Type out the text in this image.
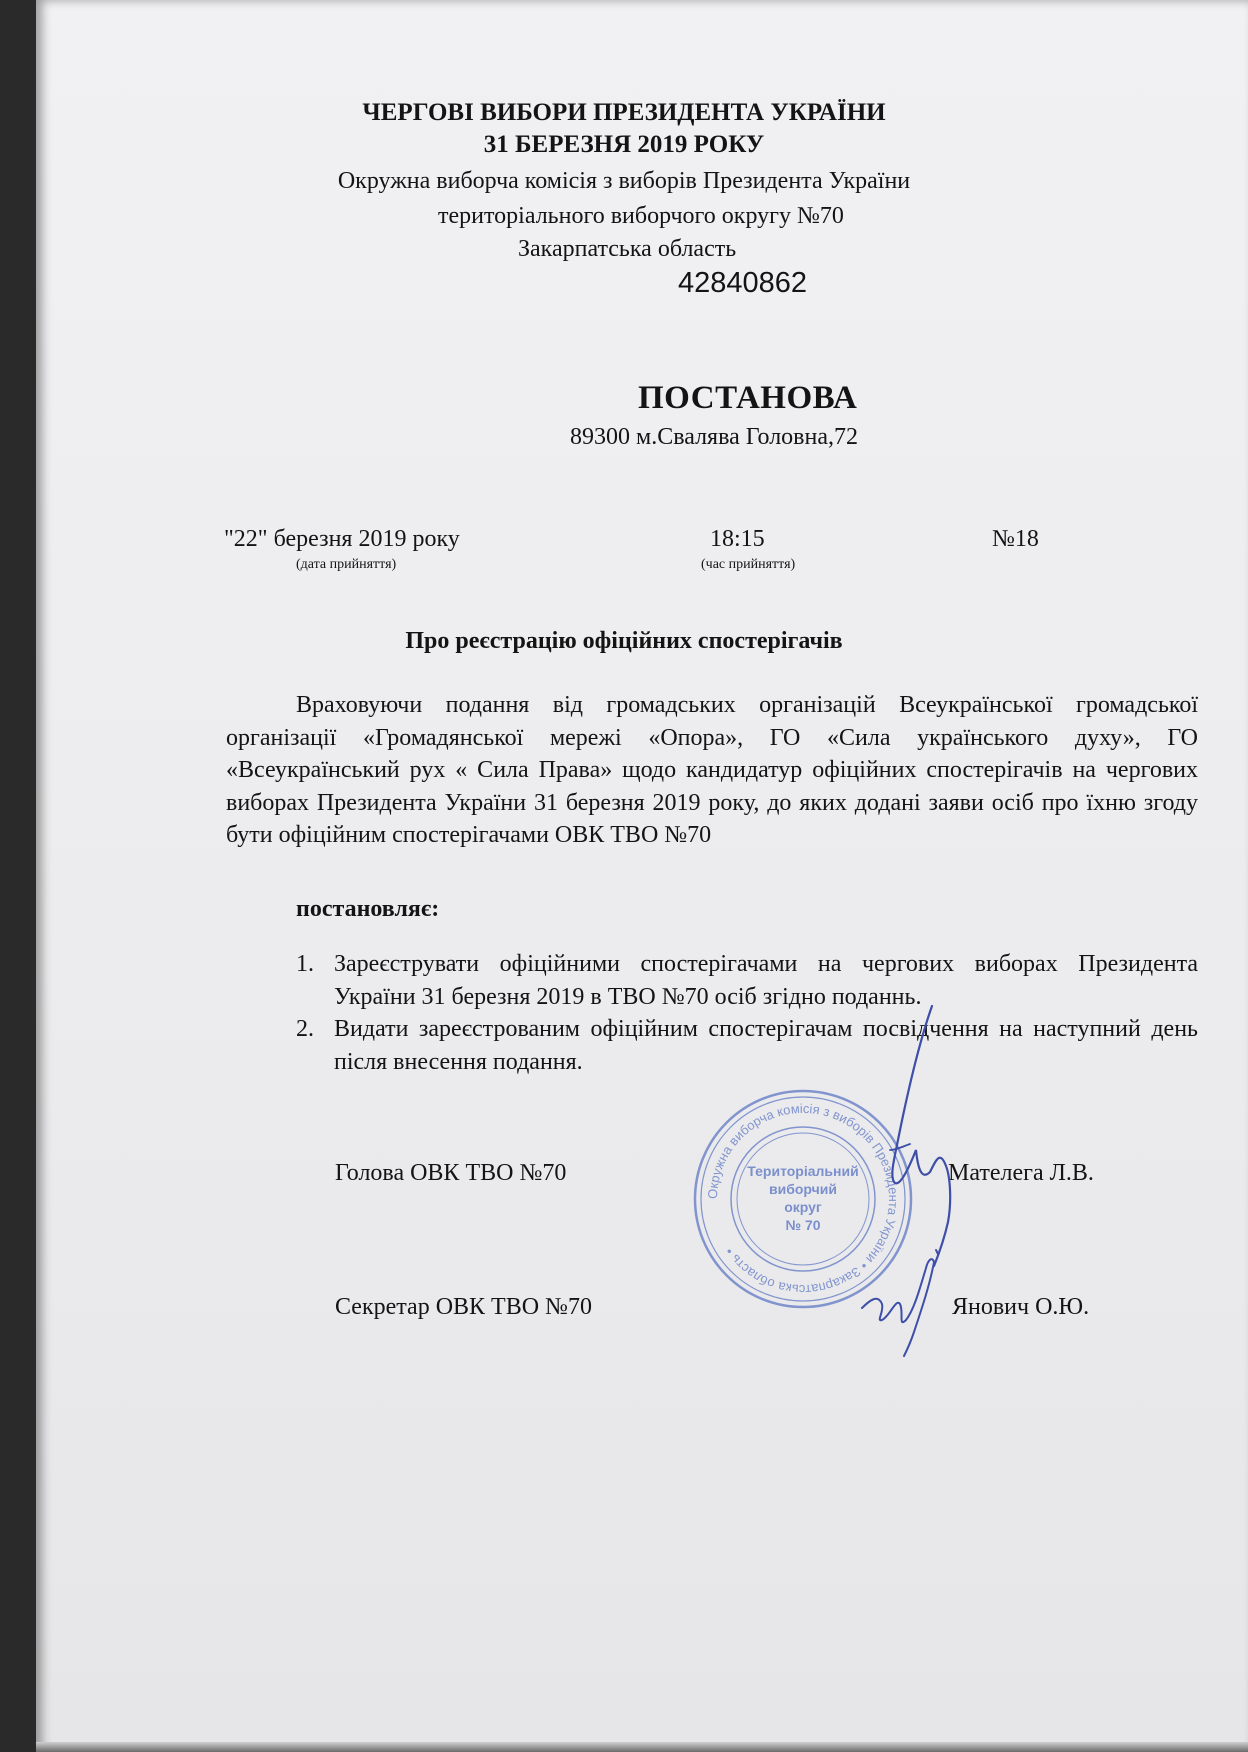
ЧЕРГОВІ ВИБОРИ ПРЕЗИДЕНТА УКРАЇНИ
31 БЕРЕЗНЯ 2019 РОКУ
Окружна виборча комісія з виборів Президента України
територіального виборчого округу №70
Закарпатська область
42840862
ПОСТАНОВА
89300 м.Свалява Головна,72
"22" березня 2019 року
(дата прийняття)
18:15
(час прийняття)
№18
Про реєстрацію офіційних спостерігачів
Враховуючи подання від громадських організацій Всеукраїнської громадської організації «Громадянської мережі «Опора», ГО «Сила українського духу», ГО «Всеукраїнський рух « Сила Права» щодо кандидатур офіційних спостерігачів на чергових виборах Президента України 31 березня 2019 року, до яких додані заяви осіб про їхню згоду бути офіційним спостерігачами ОВК ТВО №70
постановляє:
1. Зареєструвати офіційними спостерігачами на чергових виборах Президента України 31 березня 2019 в ТВО №70 осіб згідно поданнь.
2. Видати зареєстрованим офіційним спостерігачам посвідчення на наступний день після внесення подання.
Окружна виборча комісія з виборів Президента України • Закарпатська область •
Територіальний
виборчий
округ
№ 70
Голова ОВК ТВО №70	Мателега Л.В.
Секретар ОВК ТВО №70	Янович О.Ю.
